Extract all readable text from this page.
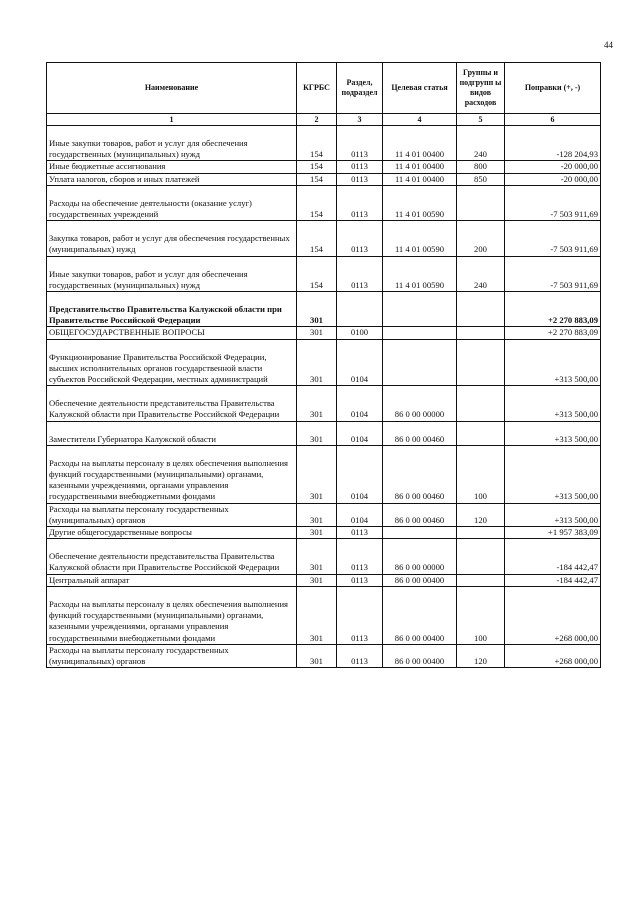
44
Наименование	КГРБС	Раздел, подраздел	Целевая статья	Группы и подгрупп ы видов расходов	Поправки (+, -)
1	2	3	4	5	6

Иные закупки товаров, работ и услуг для обеспечения государственных (муниципальных) нужд	154	0113	11 4 01 00400	240	-128 204,93
Иные бюджетные ассигнования	154	0113	11 4 01 00400	800	-20 000,00
Уплата налогов, сборов и иных платежей	154	0113	11 4 01 00400	850	-20 000,00

Расходы на обеспечение деятельности (оказание услуг) государственных учреждений	154	0113	11 4 01 00590		-7 503 911,69

Закупка товаров, работ и услуг для обеспечения государственных (муниципальных) нужд	154	0113	11 4 01 00590	200	-7 503 911,69

Иные закупки товаров, работ и услуг для обеспечения государственных (муниципальных) нужд	154	0113	11 4 01 00590	240	-7 503 911,69

Представительство Правительства Калужской области при Правительстве Российской Федерации	301				+2 270 883,09
ОБЩЕГОСУДАРСТВЕННЫЕ ВОПРОСЫ	301	0100			+2 270 883,09

Функционирование Правительства Российской Федерации, высших исполнительных органов государственной власти субъектов Российской Федерации, местных администраций	301	0104			+313 500,00

Обеспечение деятельности представительства Правительства Калужской области при Правительстве Российской Федерации	301	0104	86 0 00 00000		+313 500,00

Заместители Губернатора Калужской области	301	0104	86 0 00 00460		+313 500,00

Расходы на выплаты персоналу в целях обеспечения выполнения функций государственными (муниципальными) органами, казенными учреждениями, органами управления государственными внебюджетными фондами	301	0104	86 0 00 00460	100	+313 500,00
Расходы на выплаты персоналу государственных (муниципальных) органов	301	0104	86 0 00 00460	120	+313 500,00
Другие общегосударственные вопросы	301	0113			+1 957 383,09

Обеспечение деятельности представительства Правительства Калужской области при Правительстве Российской Федерации	301	0113	86 0 00 00000		-184 442,47
Центральный аппарат	301	0113	86 0 00 00400		-184 442,47

Расходы на выплаты персоналу в целях обеспечения выполнения функций государственными (муниципальными) органами, казенными учреждениями, органами управления государственными внебюджетными фондами	301	0113	86 0 00 00400	100	+268 000,00
Расходы на выплаты персоналу государственных (муниципальных) органов	301	0113	86 0 00 00400	120	+268 000,00
